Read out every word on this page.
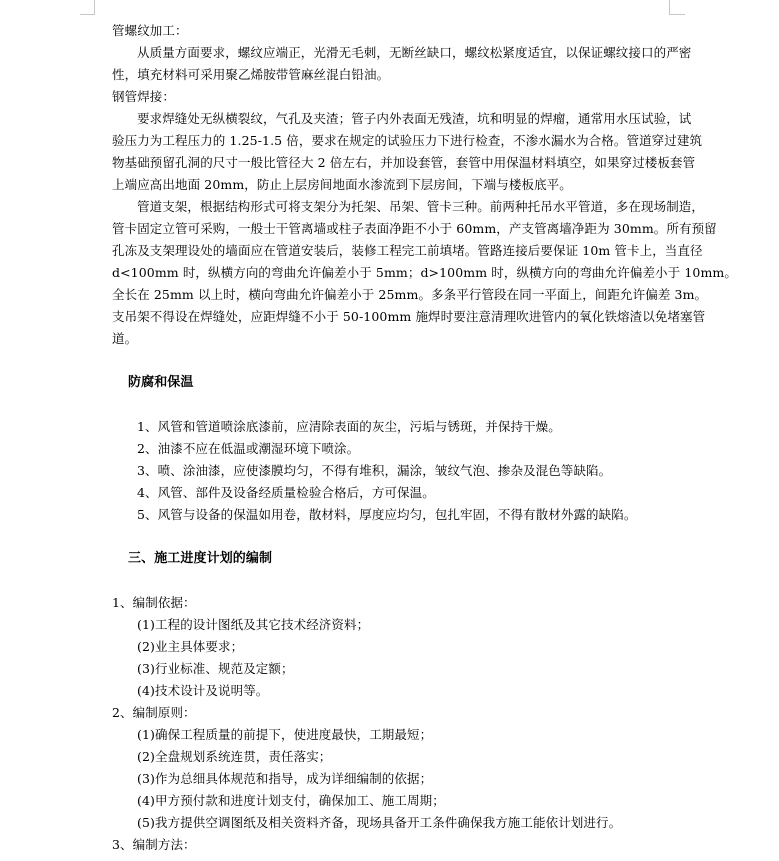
管螺纹加工：
从质量方面要求，螺纹应端正，光滑无毛刺，无断丝缺口，螺纹松紧度适宜，以保证螺纹接口的严密
性，填充材料可采用聚乙烯胺带管麻丝混白铅油。
钢管焊接：
要求焊缝处无纵横裂纹，气孔及夹渣；管子内外表面无残渣，坑和明显的焊瘤，通常用水压试验，试
验压力为工程压力的 1.25-1.5 倍，要求在规定的试验压力下进行检查，不渗水漏水为合格。管道穿过建筑
物基础预留孔洞的尺寸一般比管径大 2 倍左右，并加设套管，套管中用保温材料填空，如果穿过楼板套管
上端应高出地面 20mm，防止上层房间地面水渗流到下层房间，下端与楼板底平。
管道支架，根据结构形式可将支架分为托架、吊架、管卡三种。前两种托吊水平管道，多在现场制造，
管卡固定立管可采购，一般士干管离墙或柱子表面净距不小于 60mm，产支管离墙净距为 30mm。所有预留
孔冻及支架理设处的墙面应在管道安装后，装修工程完工前填堵。管路连接后要保证 10m 管卡上，当直径
d<100mm 时，纵横方向的弯曲允许偏差小于 5mm；d>100mm 时，纵横方向的弯曲允许偏差小于 10mm。
全长在 25mm 以上时，横向弯曲允许偏差小于 25mm。多条平行管段在同一平面上，间距允许偏差 3m。
支吊架不得设在焊缝处，应距焊缝不小于 50-100mm 施焊时要注意清理吹进管内的氧化铁熔渣以免堵塞管
道。
防腐和保温
1、风管和管道喷涂底漆前，应清除表面的灰尘，污垢与锈斑，并保持干燥。
2、油漆不应在低温或潮湿环境下喷涂。
3、喷、涂油漆，应使漆膜均匀，不得有堆积，漏涂，皱纹气泡、掺杂及混色等缺陷。
4、风管、部件及设备经质量检验合格后，方可保温。
5、风管与设备的保温如用卷，散材料，厚度应均匀，包扎牢固，不得有散材外露的缺陷。
三、施工进度计划的编制
1、编制依据：
(1)工程的设计图纸及其它技术经济资料；
(2)业主具体要求；
(3)行业标准、规范及定额；
(4)技术设计及说明等。
2、编制原则：
(1)确保工程质量的前提下，使进度最快，工期最短；
(2)全盘规划系统连贯，责任落实；
(3)作为总细具体规范和指导，成为详细编制的依据；
(4)甲方预付款和进度计划支付，确保加工、施工周期；
(5)我方提供空调图纸及相关资料齐备，现场具备开工条件确保我方施工能依计划进行。
3、编制方法：
